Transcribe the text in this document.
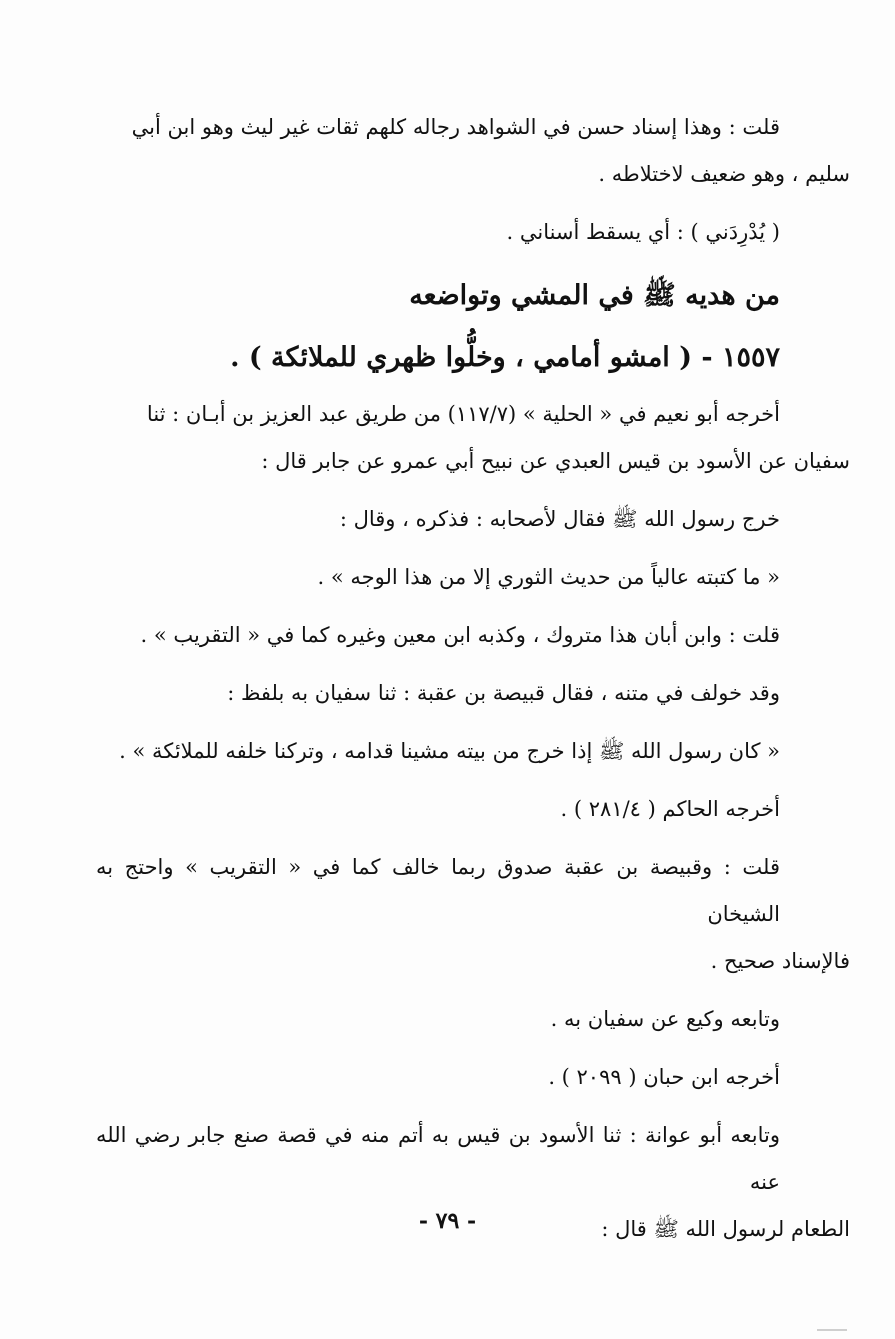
قلت : وهذا إسناد حسن في الشواهد رجاله كلهم ثقات غير ليث وهو ابن أبي
سليم ، وهو ضعيف لاختلاطه .

( يُدْرِدَني ) : أي يسقط أسناني .

من هديه ﷺ في المشي وتواضعه
١٥٥٧ - ( امشو أمامي ، وخلُّوا ظهري للملائكة ) .

أخرجه أبو نعيم في « الحلية » (١١٧/٧) من طريق عبد العزيز بن أبـان : ثنا
سفيان عن الأسود بن قيس العبدي عن نبيح أبي عمرو عن جابر قال :

خرج رسول الله ﷺ فقال لأصحابه : فذكره ، وقال :

« ما كتبته عالياً من حديث الثوري إلا من هذا الوجه » .

قلت : وابن أبان هذا متروك ، وكذبه ابن معين وغيره كما في « التقريب » .

وقد خولف في متنه ، فقال قبيصة بن عقبة : ثنا سفيان به بلفظ :

« كان رسول الله ﷺ إذا خرج من بيته مشينا قدامه ، وتركنا خلفه للملائكة » .

أخرجه الحاكم ( ٢٨١/٤ ) .

قلت : وقبيصة بن عقبة صدوق ربما خالف كما في « التقريب » واحتج به الشيخان
فالإسناد صحيح .

وتابعه وكيع عن سفيان به .

أخرجه ابن حبان ( ٢٠٩٩ ) .

وتابعه أبو عوانة : ثنا الأسود بن قيس به أتم منه في قصة صنع جابر رضي الله عنه
الطعام لرسول الله ﷺ قال :

- ٧٩ -
